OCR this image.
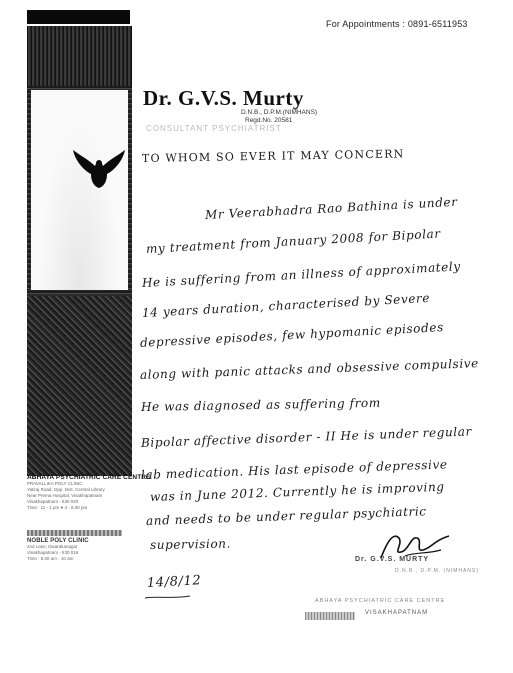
For Appointments : 0891-6511953
ABHAYA PSYCHIATRIC CARE CENTRE
PRAVALLIKA POLY CLINIC
Yatiraj Road, Opp. Dist. Central Library
Near Prema Hospital, Visakhapatnam
Visakhapatnam - 530 020
Time : 11 - 1 pm ● 4 - 8.30 pm
NOBLE POLY CLINIC
2nd Lane, Dwarakanagar
Visakhapatnam - 530 016
Time : 8.30 am - 10 am
Dr. G.V.S. Murty
D.N.B., D.P.M.(NIMHANS)
Regd.No. 20581
CONSULTANT PSYCHIATRIST
TO WHOM SO EVER IT MAY CONCERN
Mr Veerabhadra Rao Bathina is under
my treatment from January 2008 for Bipolar
He is suffering from an illness of approximately
14 years duration, characterised by Severe
depressive episodes, few hypomanic episodes
along with panic attacks and obsessive compulsive
He was diagnosed as suffering from
Bipolar affective disorder - II He is under regular
lab medication. His last episode of depressive
was in June 2012. Currently he is improving
and needs to be under regular psychiatric
supervision.
14/8/12
Dr. G.V.S. MURTY
D.N.B., D.P.M. (NIMHANS)
ABHAYA PSYCHIATRIC CARE CENTRE
VISAKHAPATNAM
